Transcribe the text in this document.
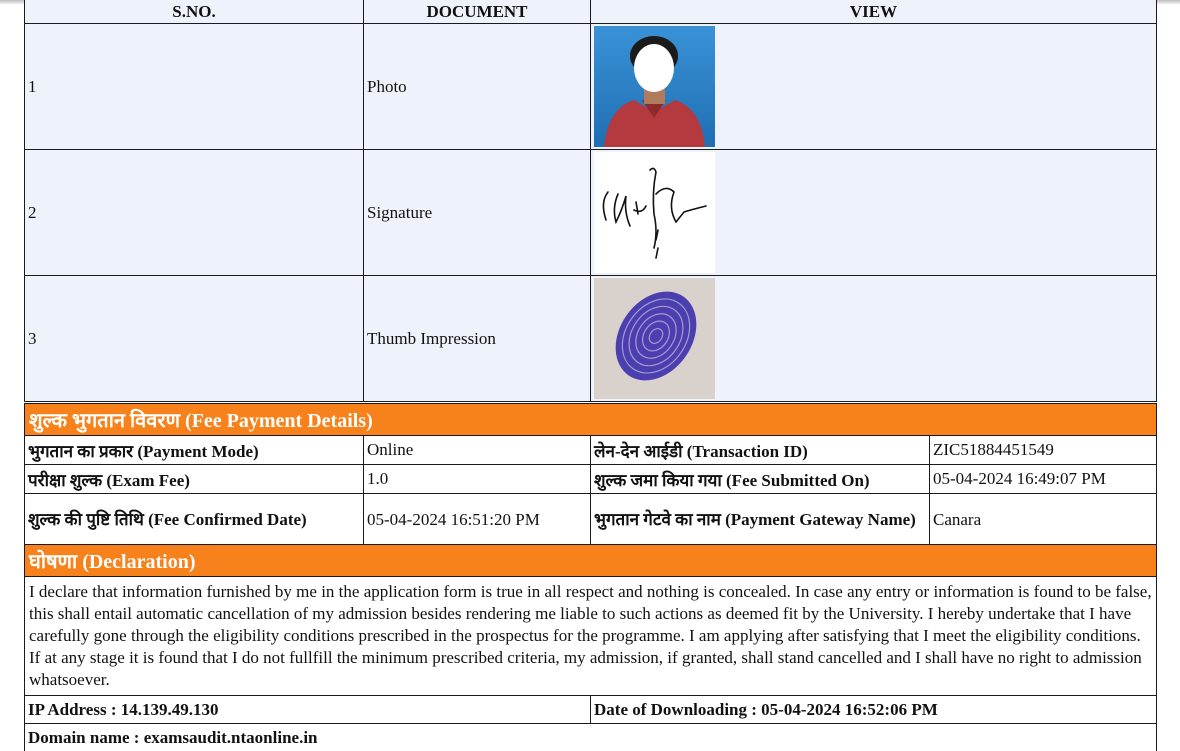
S.NO.	DOCUMENT	VIEW
1	Photo	

2	Signature	

3	Thumb Impression	
शुल्क भुगतान विवरण (Fee Payment Details)			
भुगतान का प्रकार (Payment Mode)	Online	लेन-देन आईडी (Transaction ID)	ZIC51884451549
परीक्षा शुल्क (Exam Fee)	1.0	शुल्क जमा किया गया (Fee Submitted On)	05-04-2024 16:49:07 PM
शुल्क की पुष्टि तिथि (Fee Confirmed Date)	05-04-2024 16:51:20 PM	भुगतान गेटवे का नाम (Payment Gateway Name)	Canara
घोषणा (Declaration)			
I declare that information furnished by me in the application form is true in all respect and nothing is concealed. In case any entry or information is found to be false, this shall entail automatic cancellation of my admission besides rendering me liable to such actions as deemed fit by the University. I hereby undertake that I have carefully gone through the eligibility conditions prescribed in the prospectus for the programme. I am applying after satisfying that I meet the eligibility conditions. If at any stage it is found that I do not fullfill the minimum prescribed criteria, my admission, if granted, shall stand cancelled and I shall have no right to admission whatsoever.			
IP Address : 14.139.49.130		Date of Downloading : 05-04-2024 16:52:06 PM	
Domain name : examsaudit.ntaonline.in			
